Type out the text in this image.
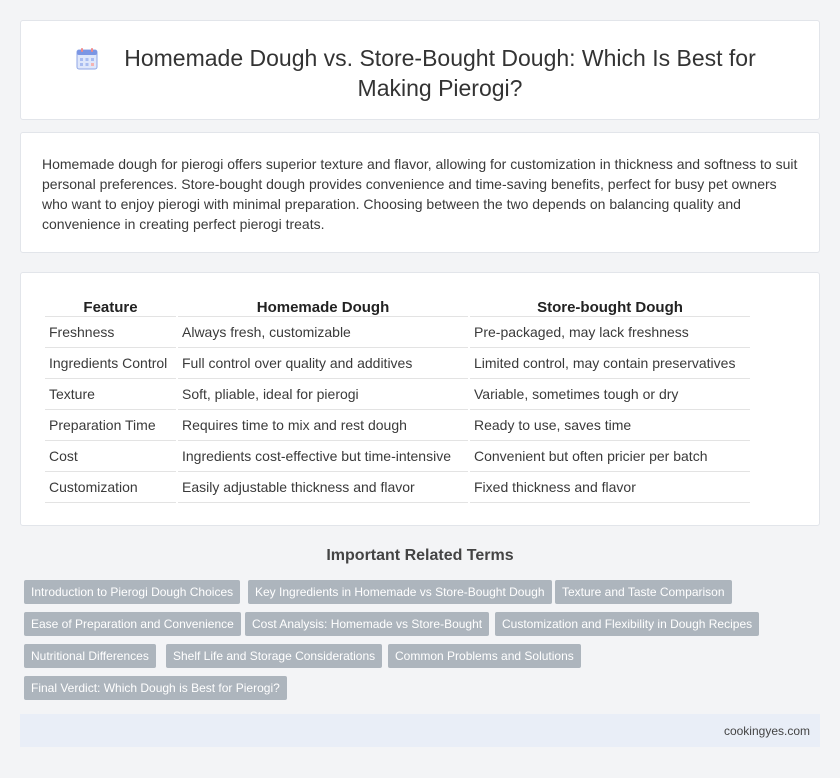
Homemade Dough vs. Store-Bought Dough: Which Is Best for Making Pierogi?

Homemade dough for pierogi offers superior texture and flavor, allowing for customization in thickness and softness to suit personal preferences. Store-bought dough provides convenience and time-saving benefits, perfect for busy pet owners who want to enjoy pierogi with minimal preparation. Choosing between the two depends on balancing quality and convenience in creating perfect pierogi treats.

Feature	Homemade Dough	Store-bought Dough
Freshness	Always fresh, customizable	Pre-packaged, may lack freshness
Ingredients Control	Full control over quality and additives	Limited control, may contain preservatives
Texture	Soft, pliable, ideal for pierogi	Variable, sometimes tough or dry
Preparation Time	Requires time to mix and rest dough	Ready to use, saves time
Cost	Ingredients cost-effective but time-intensive	Convenient but often pricier per batch
Customization	Easily adjustable thickness and flavor	Fixed thickness and flavor
Important Related Terms
Introduction to Pierogi Dough Choices	Key Ingredients in Homemade vs Store-Bought Dough	Texture and Taste Comparison
Ease of Preparation and Convenience	Cost Analysis: Homemade vs Store-Bought	Customization and Flexibility in Dough Recipes
Nutritional Differences	Shelf Life and Storage Considerations	Common Problems and Solutions
Final Verdict: Which Dough is Best for Pierogi?
cookingyes.com
